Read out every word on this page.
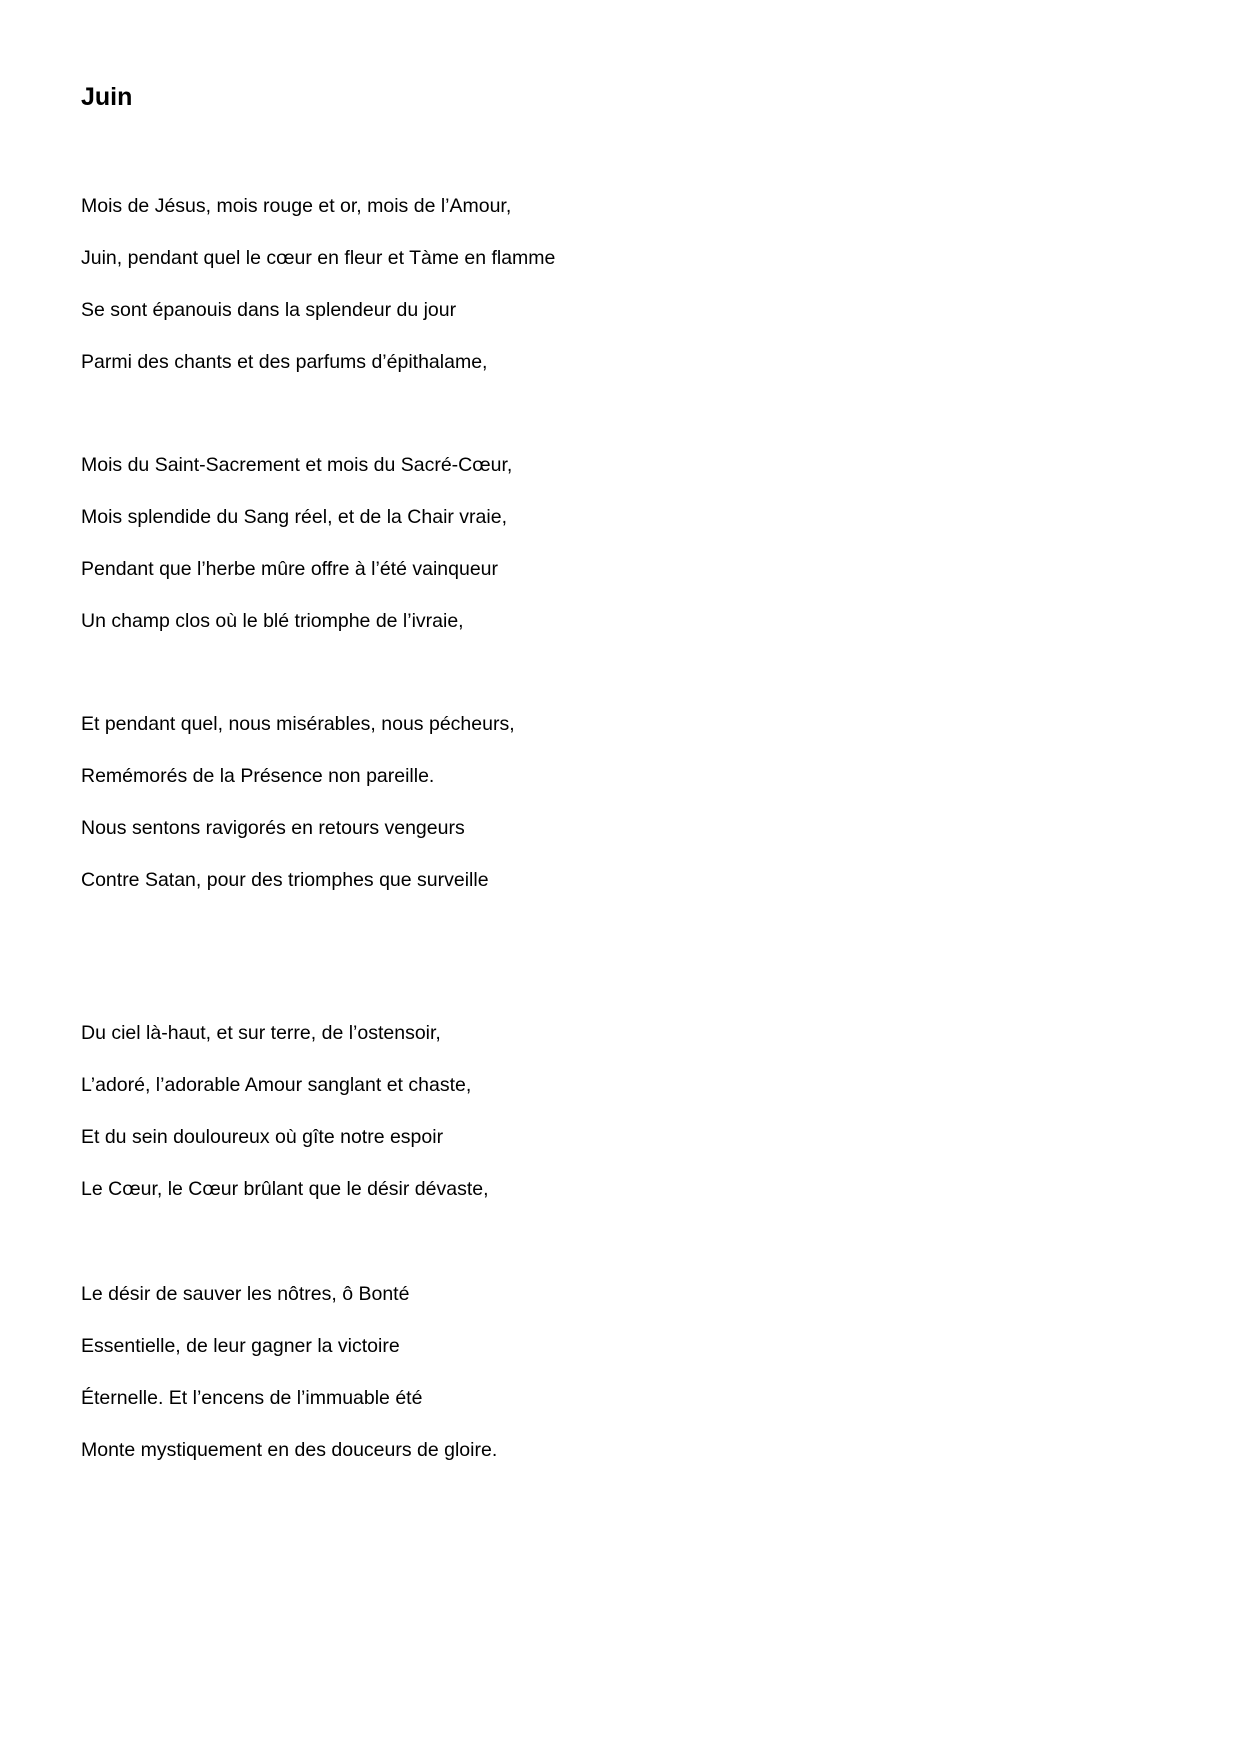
Juin
Mois de Jésus, mois rouge et or, mois de l’Amour,
Juin, pendant quel le cœur en fleur et Tàme en flamme
Se sont épanouis dans la splendeur du jour
Parmi des chants et des parfums d’épithalame,
Mois du Saint-Sacrement et mois du Sacré-Cœur,
Mois splendide du Sang réel, et de la Chair vraie,
Pendant que l’herbe mûre offre à l’été vainqueur
Un champ clos où le blé triomphe de l’ivraie,
Et pendant quel, nous misérables, nous pécheurs,
Remémorés de la Présence non pareille.
Nous sentons ravigorés en retours vengeurs
Contre Satan, pour des triomphes que surveille
Du ciel là-haut, et sur terre, de l’ostensoir,
L’adoré, l’adorable Amour sanglant et chaste,
Et du sein douloureux où gîte notre espoir
Le Cœur, le Cœur brûlant que le désir dévaste,
Le désir de sauver les nôtres, ô Bonté
Essentielle, de leur gagner la victoire
Éternelle. Et l’encens de l’immuable été
Monte mystiquement en des douceurs de gloire.
